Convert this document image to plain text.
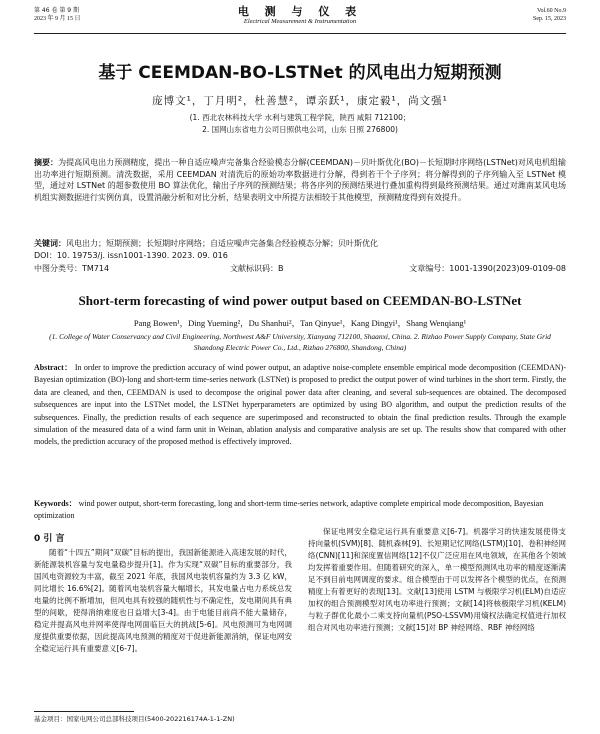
第 46 卷 第 9 期
2023 年 9 月 15 日
电 测 与 仪 表
Electrical Measurement & Instrumentation
Vol.60 No.9
Sep. 15, 2023
基于 CEEMDAN-BO-LSTNet 的风电出力短期预测
庞博文¹，丁月明²，杜善慧²，谭亲跃¹，康定毅¹，尚文强¹
(1. 西北农林科技大学 水利与建筑工程学院，陕西 咸阳 712100；
2. 国网山东省电力公司日照供电公司，山东 日照 276800)

摘要：为提高风电出力预测精度，提出一种自适应噪声完备集合经验模态分解(CEEMDAN)－贝叶斯优化(BO)－长短期时序网络(LSTNet)对风电机组输出功率进行短期预测。清洗数据，采用 CEEMDAN 对清洗后的原始功率数据进行分解，得到若干个子序列；将分解得到的子序列输入至 LSTNet 模型，通过对 LSTNet 的超参数使用 BO 算法优化，输出子序列的预测结果；将各序列的预测结果进行叠加重构得到最终预测结果。通过对潍南某风电场机组实测数据进行实例仿真，设置消融分析和对比分析，结果表明文中所提方法相较于其他模型，预测精度得到有效提升。

关键词：风电出力；短期预测；长短期时序网络；自适应噪声完备集合经验模态分解；贝叶斯优化

DOI：10. 19753/j. issn1001-1390. 2023. 09. 016

中图分类号：TM714	文献标识码：B	文章编号：1001-1390(2023)09-0109-08
Short-term forecasting of wind power output based on CEEMDAN-BO-LSTNet
Pang Bowen¹，Ding Yueming²，Du Shanhui²，Tan Qinyue¹，Kang Dingyi¹，Shang Wenqiang¹
(1. College of Water Conservancy and Civil Engineering, Northwest A&F University, Xianyang 712100, Shaanxi, China. 2. Rizhao Power Supply Company, State Grid Shandong Electric Power Co., Ltd., Rizhao 276800, Shandong, China)

Abstract： In order to improve the prediction accuracy of wind power output, an adaptive noise-complete ensemble empirical mode decomposition (CEEMDAN)-Bayesian optimization (BO)-long and short-term time-series network (LSTNet) is proposed to predict the output power of wind turbines in the short term. Firstly, the data are cleaned, and then, CEEMDAN is used to decompose the original power data after cleaning, and several sub-sequences are obtained. The decomposed subsequences are input into the LSTNet model, the LSTNet hyperparameters are optimized by using BO algorithm, and output the prediction results of the subsequences. Finally, the prediction results of each sequence are superimposed and reconstructed to obtain the final prediction results. Through the example simulation of the measured data of a wind farm unit in Weinan, ablation analysis and comparative analysis are set up. The results show that compared with other models, the prediction accuracy of the proposed method is effectively improved.

Keywords： wind power output, short-term forecasting, long and short-term time-series network, adaptive complete empirical mode decomposition, Bayesian optimization

0 引 言

随着“十四五”期间“双碳”目标的提出，我国新能源进入高速发展的时代，新能源装机容量与发电量稳步提升[1]。作为实现“双碳”目标的重要部分，我国风电资源较为丰富，截至 2021 年底，我国风电装机容量约为 3.3 亿 kW，同比增长 16.6%[2]。随着风电装机容量大幅增长，其发电量占电力系统总发电量的比例不断增加，但风电具有较强的随机性与不确定性，发电期间具有典型的间歇，使得消纳难度也日益增大[3-4]。由于电能目前尚不能大量储存，稳定并提高风电并网率使得电网面临巨大的挑战[5-6]。风电预测可为电网调度提供重要依据，因此提高风电预测的精度对于促进新能源消纳，保证电网安全稳定运行具有重要意义[6-7]。

保证电网安全稳定运行具有重要意义[6-7]。机器学习的快速发展使得支持向量机(SVM)[8]、随机森林[9]、长短期记忆网络(LSTM)[10]、卷积神经网络(CNN)[11]和深度置信网络[12]不仅广泛应用在风电领域，在其他各个领域均发挥着重要作用。但随着研究的深入，单一模型预测风电功率的精度逐渐满足不到目前电网调度的要求。组合模型由于可以发挥各个模型的优点，在预测精度上有着更好的表现[13]。文献[13]使用 LSTM 与极限学习机(ELM)自适应加权的组合预测模型对风电功率进行预测；文献[14]将核极限学习机(KELM)与粒子群优化最小二乘支持向量机(PSO-LSSVM)用熵权法确定权值进行加权组合对风电功率进行预测；文献[15]对 BP 神经网络、RBF 神经网络

基金项目：国家电网公司总部科技项目(5400-202216174A-1-1-ZN)
